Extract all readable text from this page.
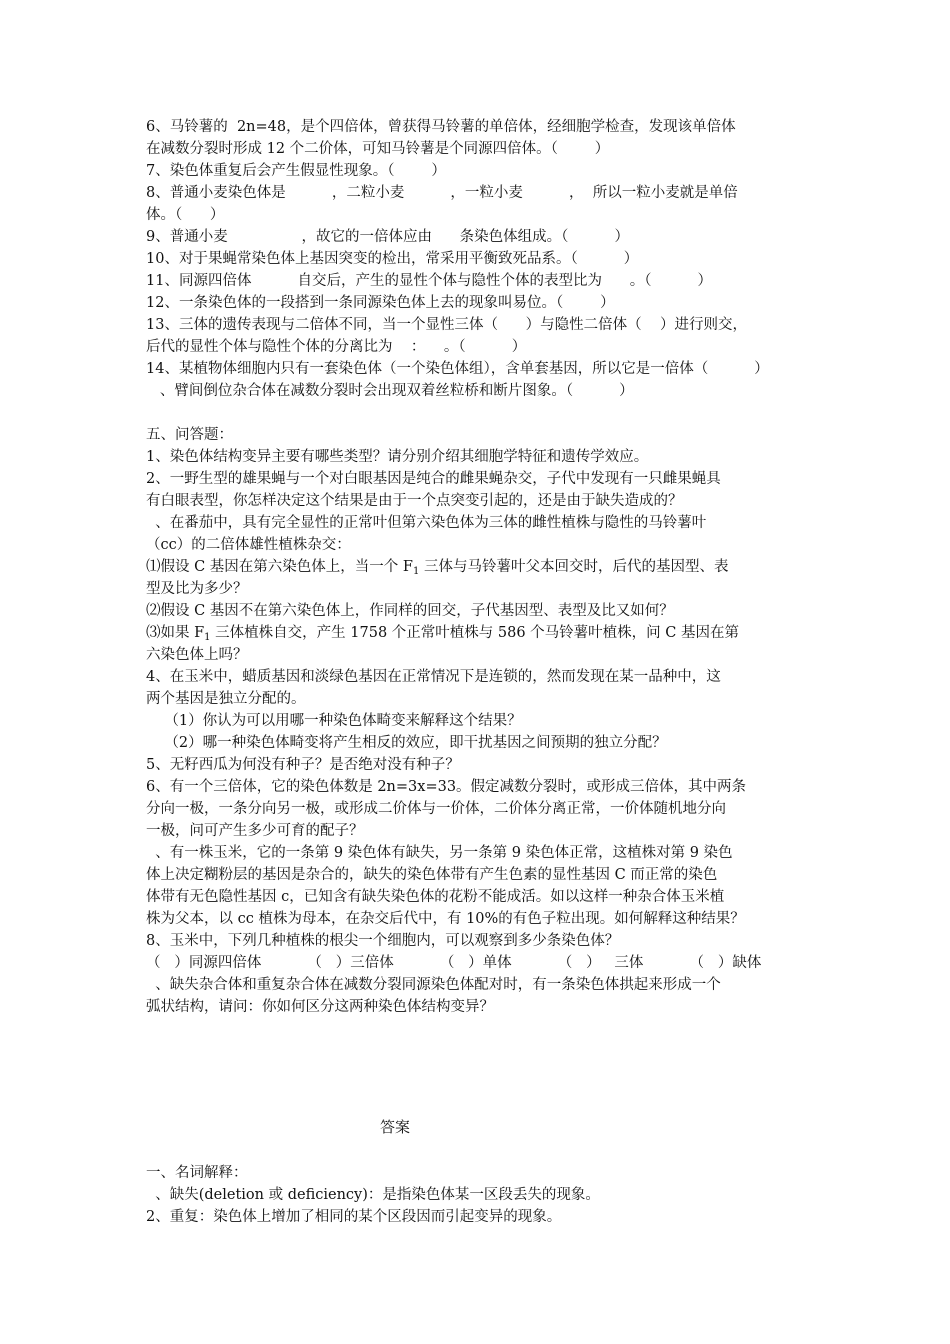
6、马铃薯的  2n=48，是个四倍体，曾获得马铃薯的单倍体，经细胞学检查，发现该单倍体
在减数分裂时形成 12 个二价体，可知马铃薯是个同源四倍体。（        ）
7、染色体重复后会产生假显性现象。（        ）
8、普通小麦染色体是          ，二粒小麦          ，一粒小麦          ，  所以一粒小麦就是单倍
体。（      ）
9、普通小麦                ，故它的一倍体应由      条染色体组成。（          ）
10、对于果蝇常染色体上基因突变的检出，常采用平衡致死品系。（          ）
11、同源四倍体          自交后，产生的显性个体与隐性个体的表型比为      。（          ）
12、一条染色体的一段搭到一条同源染色体上去的现象叫易位。（        ）
13、三体的遗传表现与二倍体不同，当一个显性三体（      ）与隐性二倍体（    ）进行则交，
后代的显性个体与隐性个体的分离比为    ：    。（          ）
14、某植物体细胞内只有一套染色体（一个染色体组），含单套基因，所以它是一倍体（          ）
、臂间倒位杂合体在减数分裂时会出现双着丝粒桥和断片图象。（          ）
五、问答题：
1、染色体结构变异主要有哪些类型？请分别介绍其细胞学特征和遗传学效应。
2、一野生型的雄果蝇与一个对白眼基因是纯合的雌果蝇杂交，子代中发现有一只雌果蝇具
有白眼表型，你怎样决定这个结果是由于一个点突变引起的，还是由于缺失造成的？
、在番茄中，具有完全显性的正常叶但第六染色体为三体的雌性植株与隐性的马铃薯叶
（cc）的二倍体雄性植株杂交：
⑴假设 C 基因在第六染色体上，当一个 $F_1$ 三体与马铃薯叶父本回交时，后代的基因型、表
型及比为多少？
⑵假设 C 基因不在第六染色体上，作同样的回交，子代基因型、表型及比又如何？
⑶如果 $F_1$ 三体植株自交，产生 1758 个正常叶植株与 586 个马铃薯叶植株，问 C 基因在第
六染色体上吗？
4、在玉米中，蜡质基因和淡绿色基因在正常情况下是连锁的，然而发现在某一品种中，这
两个基因是独立分配的。
（1）你认为可以用哪一种染色体畸变来解释这个结果？
（2）哪一种染色体畸变将产生相反的效应，即干扰基因之间预期的独立分配？
5、无籽西瓜为何没有种子？是否绝对没有种子？
6、有一个三倍体，它的染色体数是 2n=3x=33。假定减数分裂时，或形成三倍体，其中两条
分向一极，一条分向另一极，或形成二价体与一价体，二价体分离正常，一价体随机地分向
一极，问可产生多少可育的配子？
、有一株玉米，它的一条第 9 染色体有缺失，另一条第 9 染色体正常，这植株对第 9 染色
体上决定糊粉层的基因是杂合的，缺失的染色体带有产生色素的显性基因 C 而正常的染色
体带有无色隐性基因 c，已知含有缺失染色体的花粉不能成活。如以这样一种杂合体玉米植
株为父本，以 cc 植株为母本，在杂交后代中，有 10%的有色子粒出现。如何解释这种结果？
8、玉米中，下列几种植株的根尖一个细胞内，可以观察到多少条染色体？
（   ）同源四倍体          （   ）三倍体          （   ）单体          （   ）   三体          （   ）缺体
、缺失杂合体和重复杂合体在减数分裂同源染色体配对时，有一条染色体拱起来形成一个
弧状结构，请问：你如何区分这两种染色体结构变异？
答案
一、名词解释：
、缺失(deletion 或 deficiency)：是指染色体某一区段丢失的现象。
2、重复：染色体上增加了相同的某个区段因而引起变异的现象。
